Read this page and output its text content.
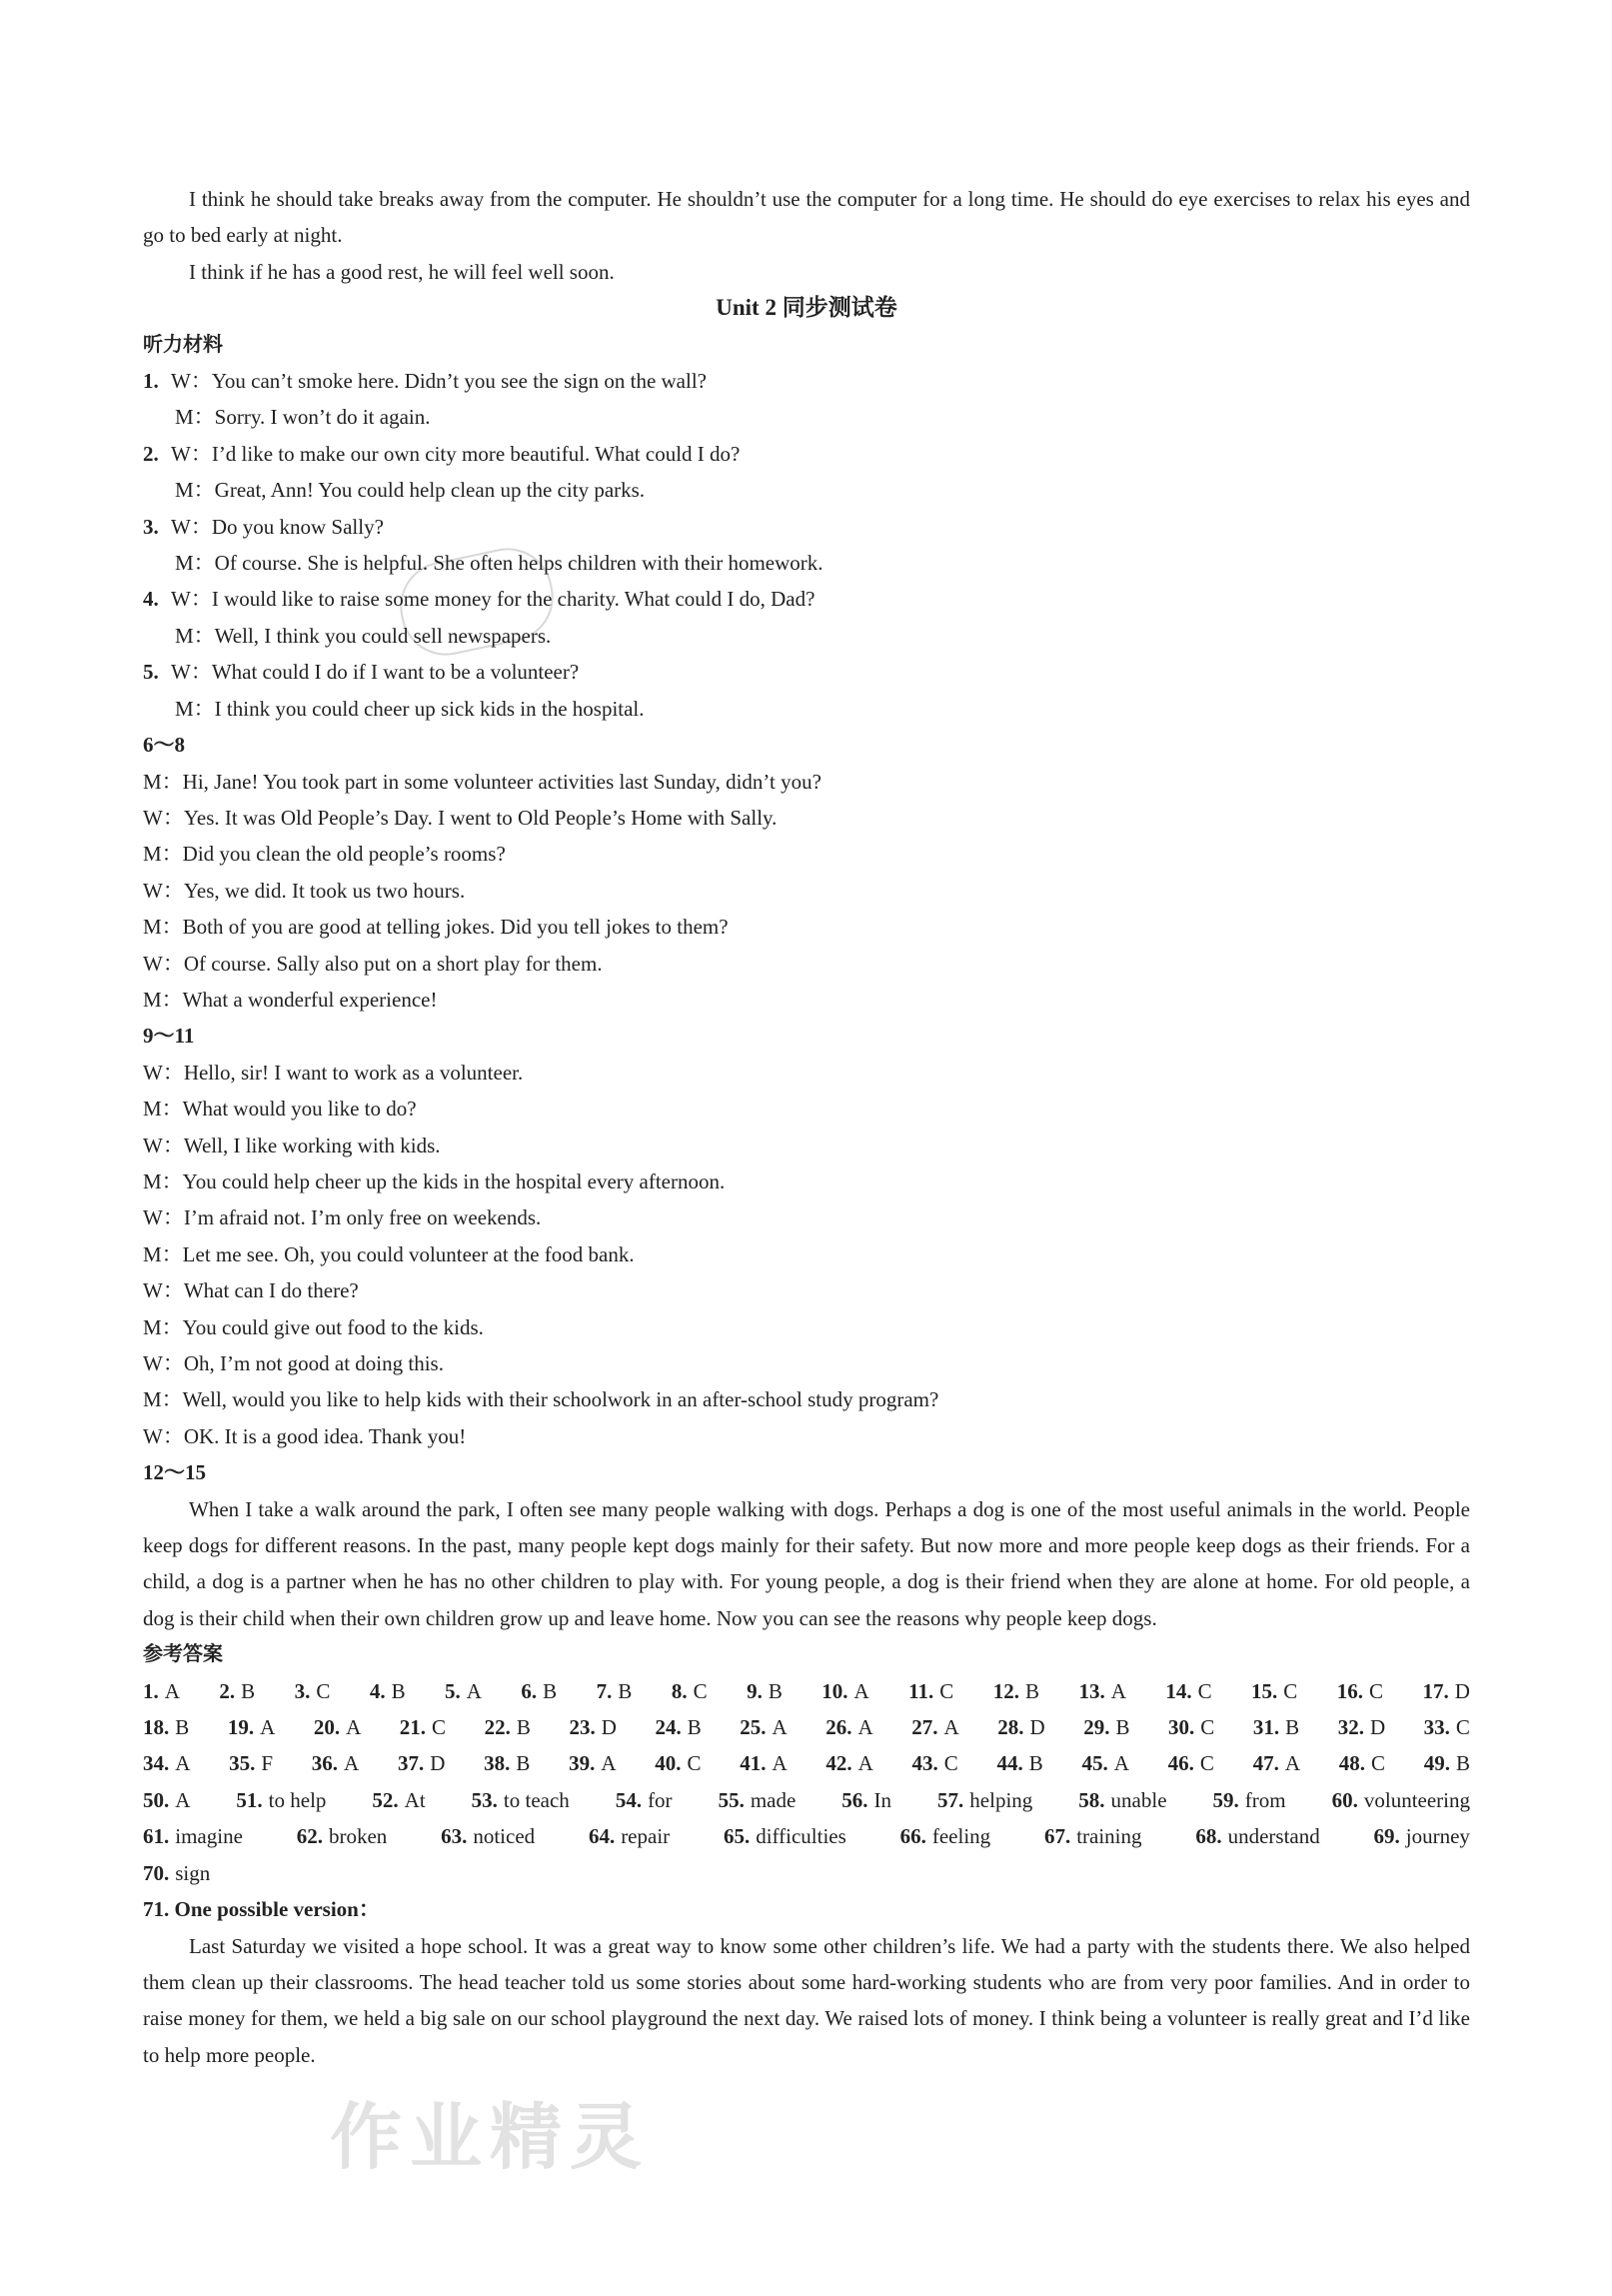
I think he should take breaks away from the computer. He shouldn’t use the computer for a long time. He should do eye exercises to relax his eyes and go to bed early at night.

I think if he has a good rest, he will feel well soon.

Unit 2 同步测试卷
听力材料
1. W：You can’t smoke here. Didn’t you see the sign on the wall?
M：Sorry. I won’t do it again.
2. W：I’d like to make our own city more beautiful. What could I do?
M：Great, Ann! You could help clean up the city parks.
3. W：Do you know Sally?
M：Of course. She is helpful. She often helps children with their homework.
4. W：I would like to raise some money for the charity. What could I do, Dad?
M：Well, I think you could sell newspapers.
5. W：What could I do if I want to be a volunteer?
M：I think you could cheer up sick kids in the hospital.
6～8
M：Hi, Jane! You took part in some volunteer activities last Sunday, didn’t you?
W：Yes. It was Old People’s Day. I went to Old People’s Home with Sally.
M：Did you clean the old people’s rooms?
W：Yes, we did. It took us two hours.
M：Both of you are good at telling jokes. Did you tell jokes to them?
W：Of course. Sally also put on a short play for them.
M：What a wonderful experience!
9～11
W：Hello, sir! I want to work as a volunteer.
M：What would you like to do?
W：Well, I like working with kids.
M：You could help cheer up the kids in the hospital every afternoon.
W：I’m afraid not. I’m only free on weekends.
M：Let me see. Oh, you could volunteer at the food bank.
W：What can I do there?
M：You could give out food to the kids.
W：Oh, I’m not good at doing this.
M：Well, would you like to help kids with their schoolwork in an after-school study program?
W：OK. It is a good idea. Thank you!
12～15

When I take a walk around the park, I often see many people walking with dogs. Perhaps a dog is one of the most useful animals in the world. People keep dogs for different reasons. In the past, many people kept dogs mainly for their safety. But now more and more people keep dogs as their friends. For a child, a dog is a partner when he has no other children to play with. For young people, a dog is their friend when they are alone at home. For old people, a dog is their child when their own children grow up and leave home. Now you can see the reasons why people keep dogs.

参考答案
1. A 2. B 3. C 4. B 5. A 6. B 7. B 8. C 9. B 10. A 11. C 12. B 13. A 14. C 15. C 16. C 17. D
18. B 19. A 20. A 21. C 22. B 23. D 24. B 25. A 26. A 27. A 28. D 29. B 30. C 31. B 32. D 33. C
34. A 35. F 36. A 37. D 38. B 39. A 40. C 41. A 42. A 43. C 44. B 45. A 46. C 47. A 48. C 49. B
50. A 51. to help 52. At 53. to teach 54. for 55. made 56. In 57. helping 58. unable 59. from 60. volunteering
61. imagine	62. broken	63. noticed	64. repair	65. difficulties	66. feeling	67. training	68. understand	69. journey
70. sign
71. One possible version：

Last Saturday we visited a hope school. It was a great way to know some other children’s life. We had a party with the students there. We also helped them clean up their classrooms. The head teacher told us some stories about some hard-working students who are from very poor families. And in order to raise money for them, we held a big sale on our school playground the next day. We raised lots of money. I think being a volunteer is really great and I’d like to help more people.

作业精灵
